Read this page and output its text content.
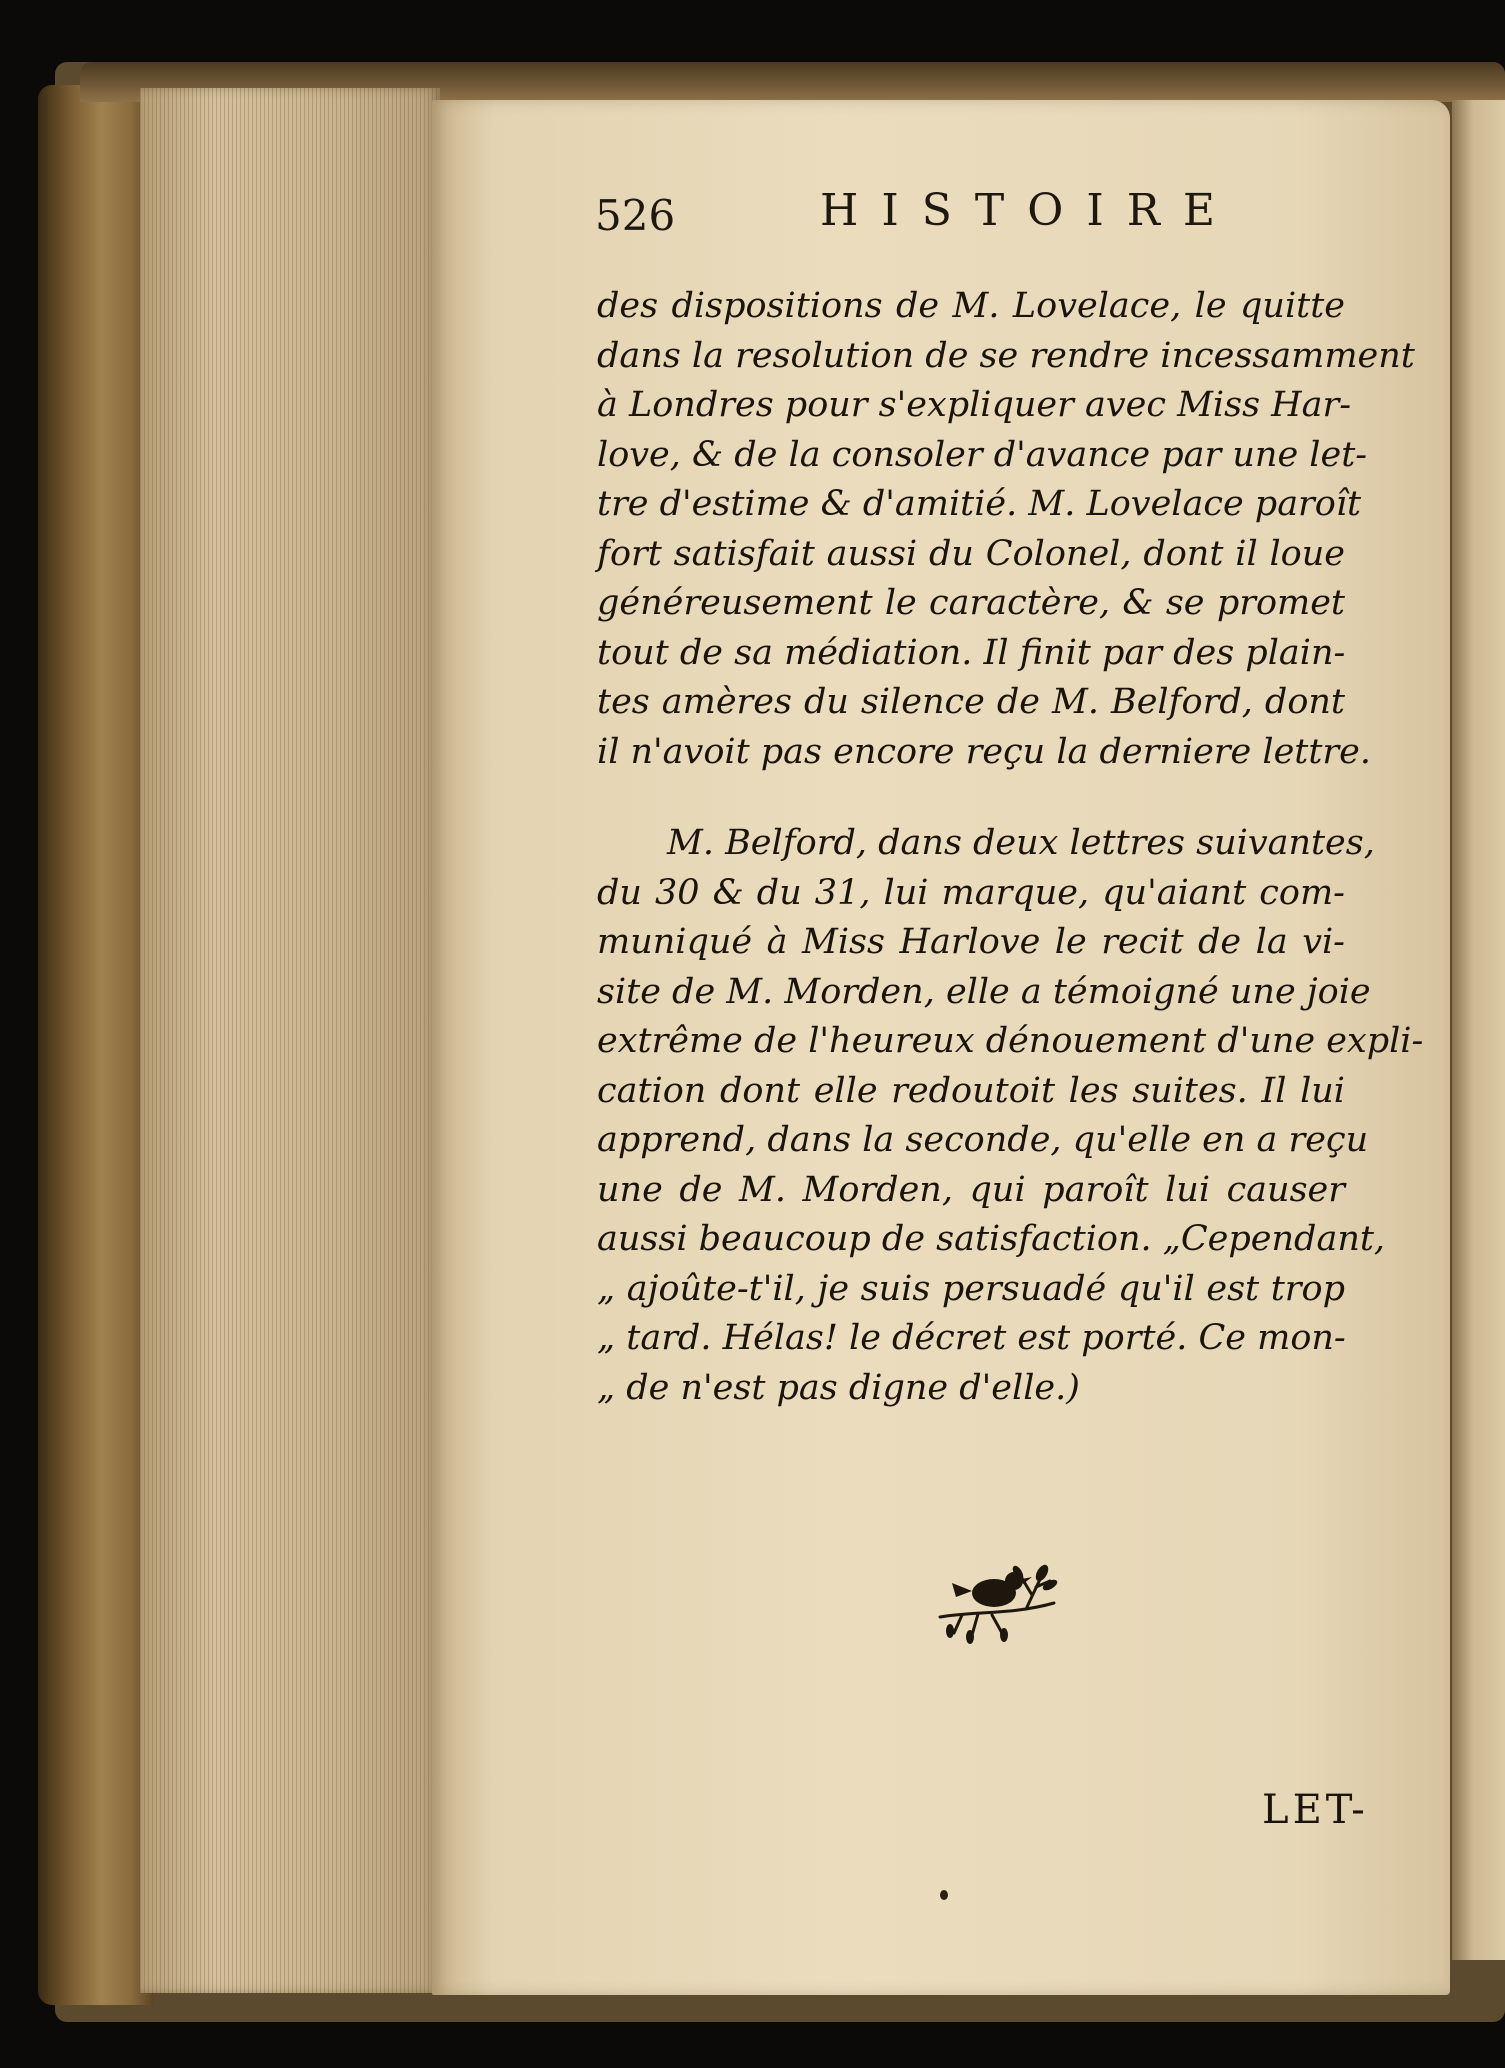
526	HISTOIRE
des dispositions de M. Lovelace, le quitte
dans la resolution de se rendre incessamment
à Londres pour s'expliquer avec Miss Har-
love, & de la consoler d'avance par une let-
tre d'estime & d'amitié. M. Lovelace paroît
fort satisfait aussi du Colonel, dont il loue
généreusement le caractère, & se promet
tout de sa médiation. Il finit par des plain-
tes amères du silence de M. Belford, dont
il n'avoit pas encore reçu la derniere lettre.
M. Belford, dans deux lettres suivantes,
du 30 & du 31, lui marque, qu'aiant com-
muniqué à Miss Harlove le recit de la vi-
site de M. Morden, elle a témoigné une joie
extrême de l'heureux dénouement d'une expli-
cation dont elle redoutoit les suites. Il lui
apprend, dans la seconde, qu'elle en a reçu
une de M. Morden, qui paroît lui causer
aussi beaucoup de satisfaction. „Cependant,
„ ajoûte-t'il, je suis persuadé qu'il est trop
„ tard. Hélas! le décret est porté. Ce mon-
„ de n'est pas digne d'elle.)
LET-
